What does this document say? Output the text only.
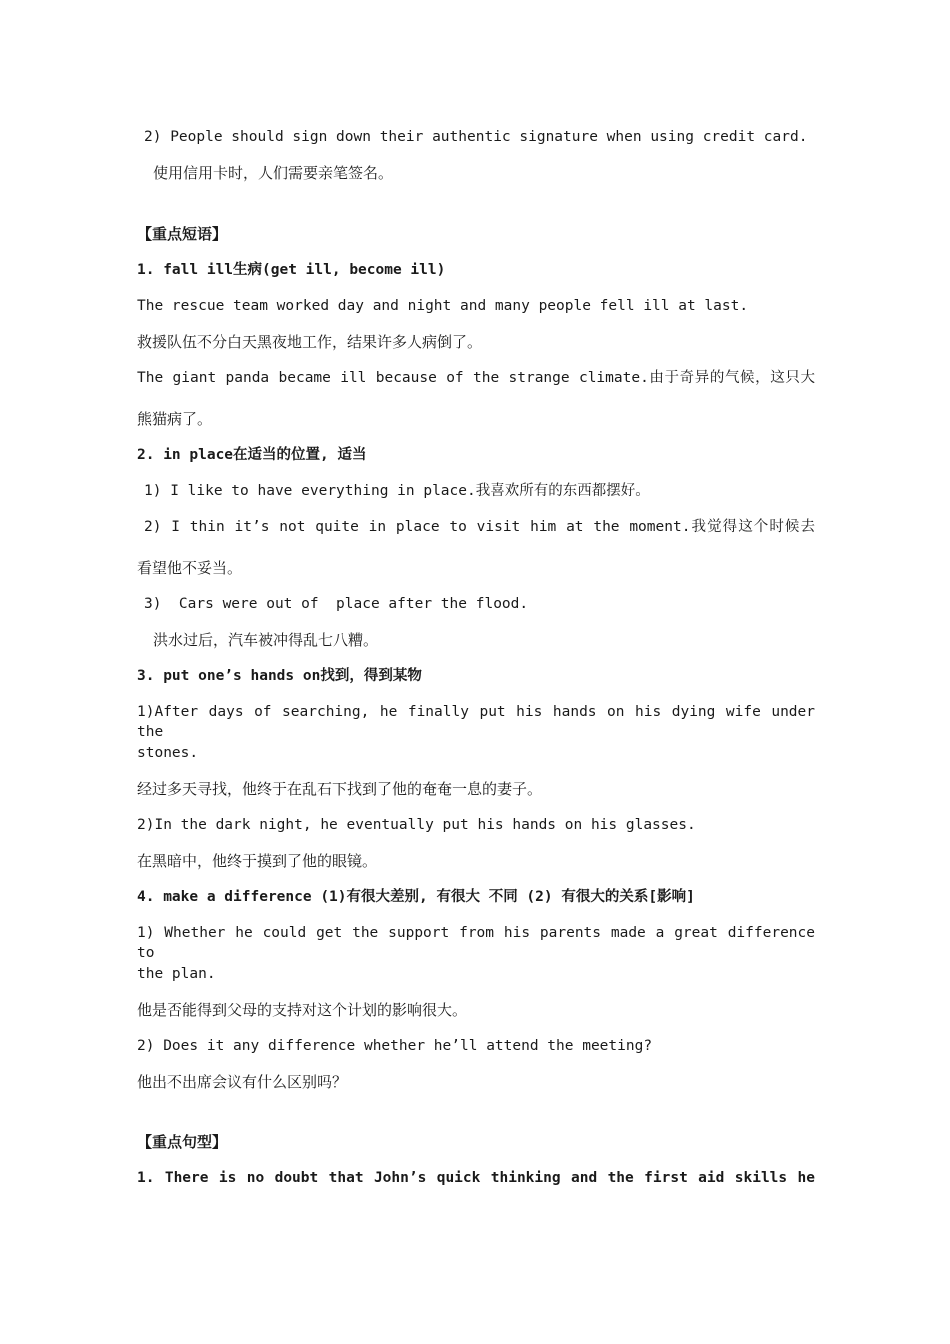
2) People should sign down their authentic signature when using credit card.
使用信用卡时，人们需要亲笔签名。
【重点短语】
1. fall ill生病(get ill, become ill)
The rescue team worked day and night and many people fell ill at last.
救援队伍不分白天黑夜地工作，结果许多人病倒了。
The giant panda became ill because of the strange climate.由于奇异的气候，这只大
熊猫病了。
2. in place在适当的位置, 适当
1) I like to have everything in place.我喜欢所有的东西都摆好。
2) I thin it’s not quite in place to visit him at the moment.我觉得这个时候去
看望他不妥当。
3)  Cars were out of  place after the flood.
洪水过后，汽车被冲得乱七八糟。
3. put one’s hands on找到，得到某物
1)After days of searching, he finally put his hands on his dying wife under the
stones.
经过多天寻找，他终于在乱石下找到了他的奄奄一息的妻子。
2)In the dark night, he eventually put his hands on his glasses.
在黑暗中，他终于摸到了他的眼镜。
4. make a difference (1)有很大差别, 有很大 不同 (2) 有很大的关系[影响]
1) Whether he could get the support from his parents made a great difference to
the plan.
他是否能得到父母的支持对这个计划的影响很大。
2) Does it any difference whether he’ll attend the meeting?
他出不出席会议有什么区别吗？
【重点句型】
1. There is no doubt that John’s quick thinking and the first aid skills he
